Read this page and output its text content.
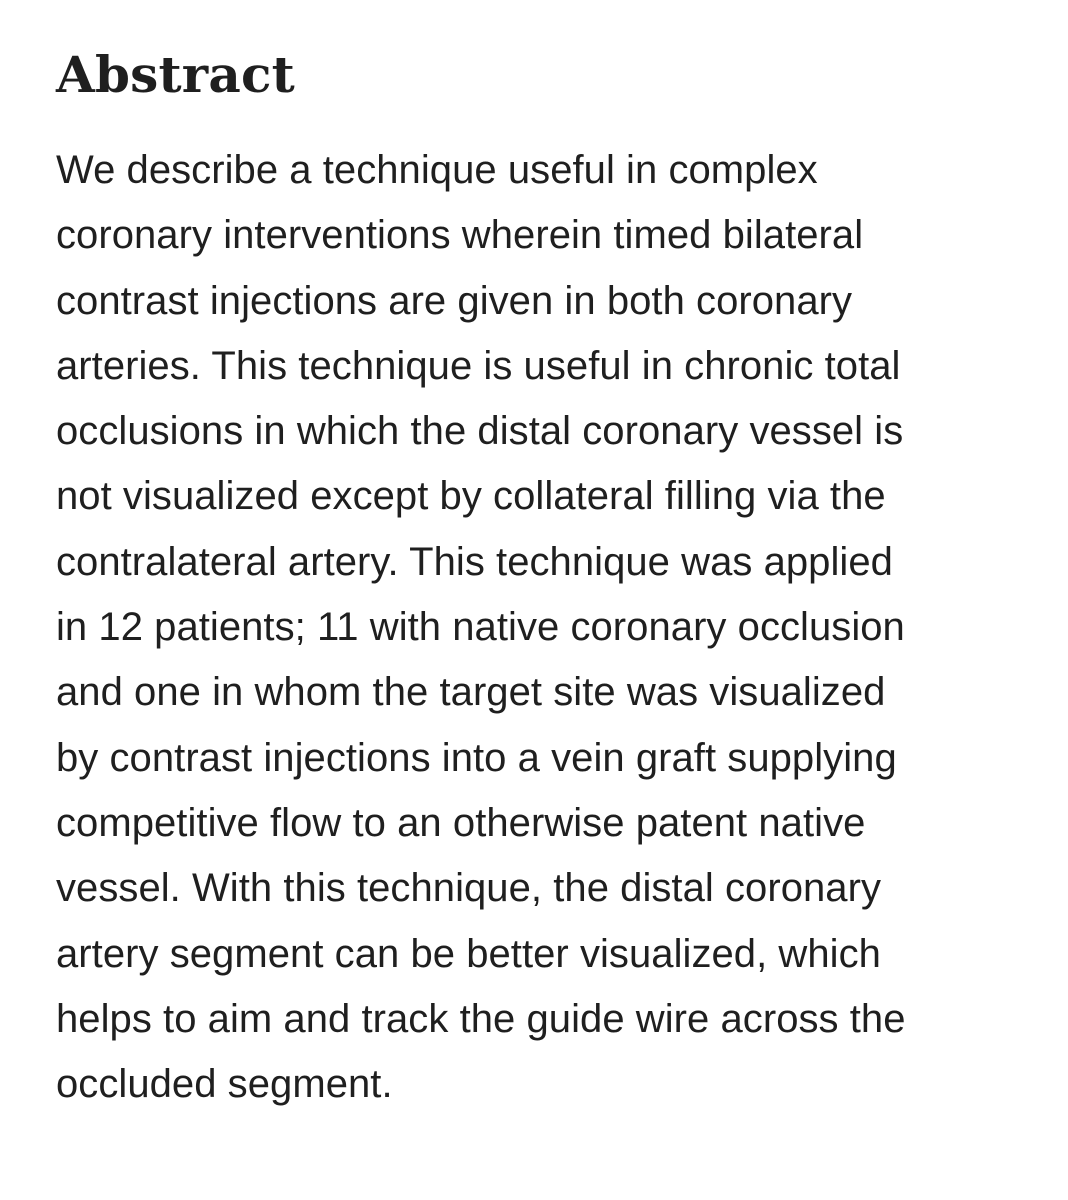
Abstract

We describe a technique useful in complex
coronary interventions wherein timed bilateral
contrast injections are given in both coronary
arteries. This technique is useful in chronic total
occlusions in which the distal coronary vessel is
not visualized except by collateral filling via the
contralateral artery. This technique was applied
in 12 patients; 11 with native coronary occlusion
and one in whom the target site was visualized
by contrast injections into a vein graft supplying
competitive flow to an otherwise patent native
vessel. With this technique, the distal coronary
artery segment can be better visualized, which
helps to aim and track the guide wire across the
occluded segment.
